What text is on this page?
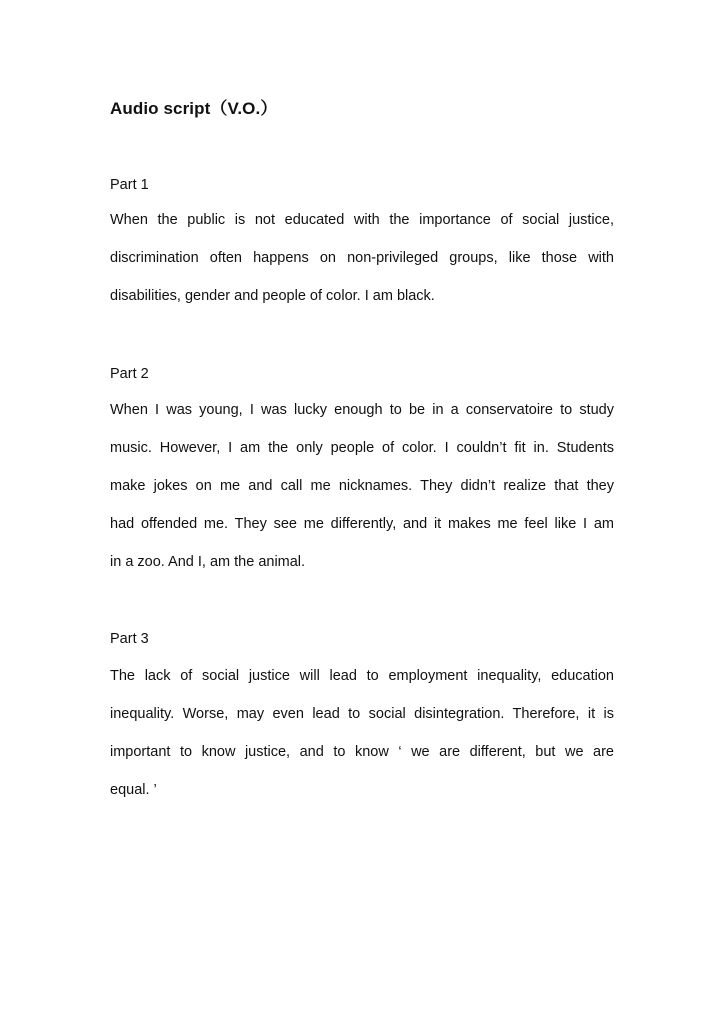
Audio script（V.O.）
Part 1
When the public is not educated with the importance of social justice,
discrimination often happens on non-privileged groups, like those with
disabilities, gender and people of color. I am black.
Part 2
When I was young, I was lucky enough to be in a conservatoire to study
music. However, I am the only people of color. I couldn’t fit in. Students
make jokes on me and call me nicknames. They didn’t realize that they
had offended me. They see me differently, and it makes me feel like I am
in a zoo. And I, am the animal.
Part 3
The lack of social justice will lead to employment inequality, education
inequality. Worse, may even lead to social disintegration. Therefore, it is
important to know justice, and to know ‘ we are different, but we are
equal. ’
